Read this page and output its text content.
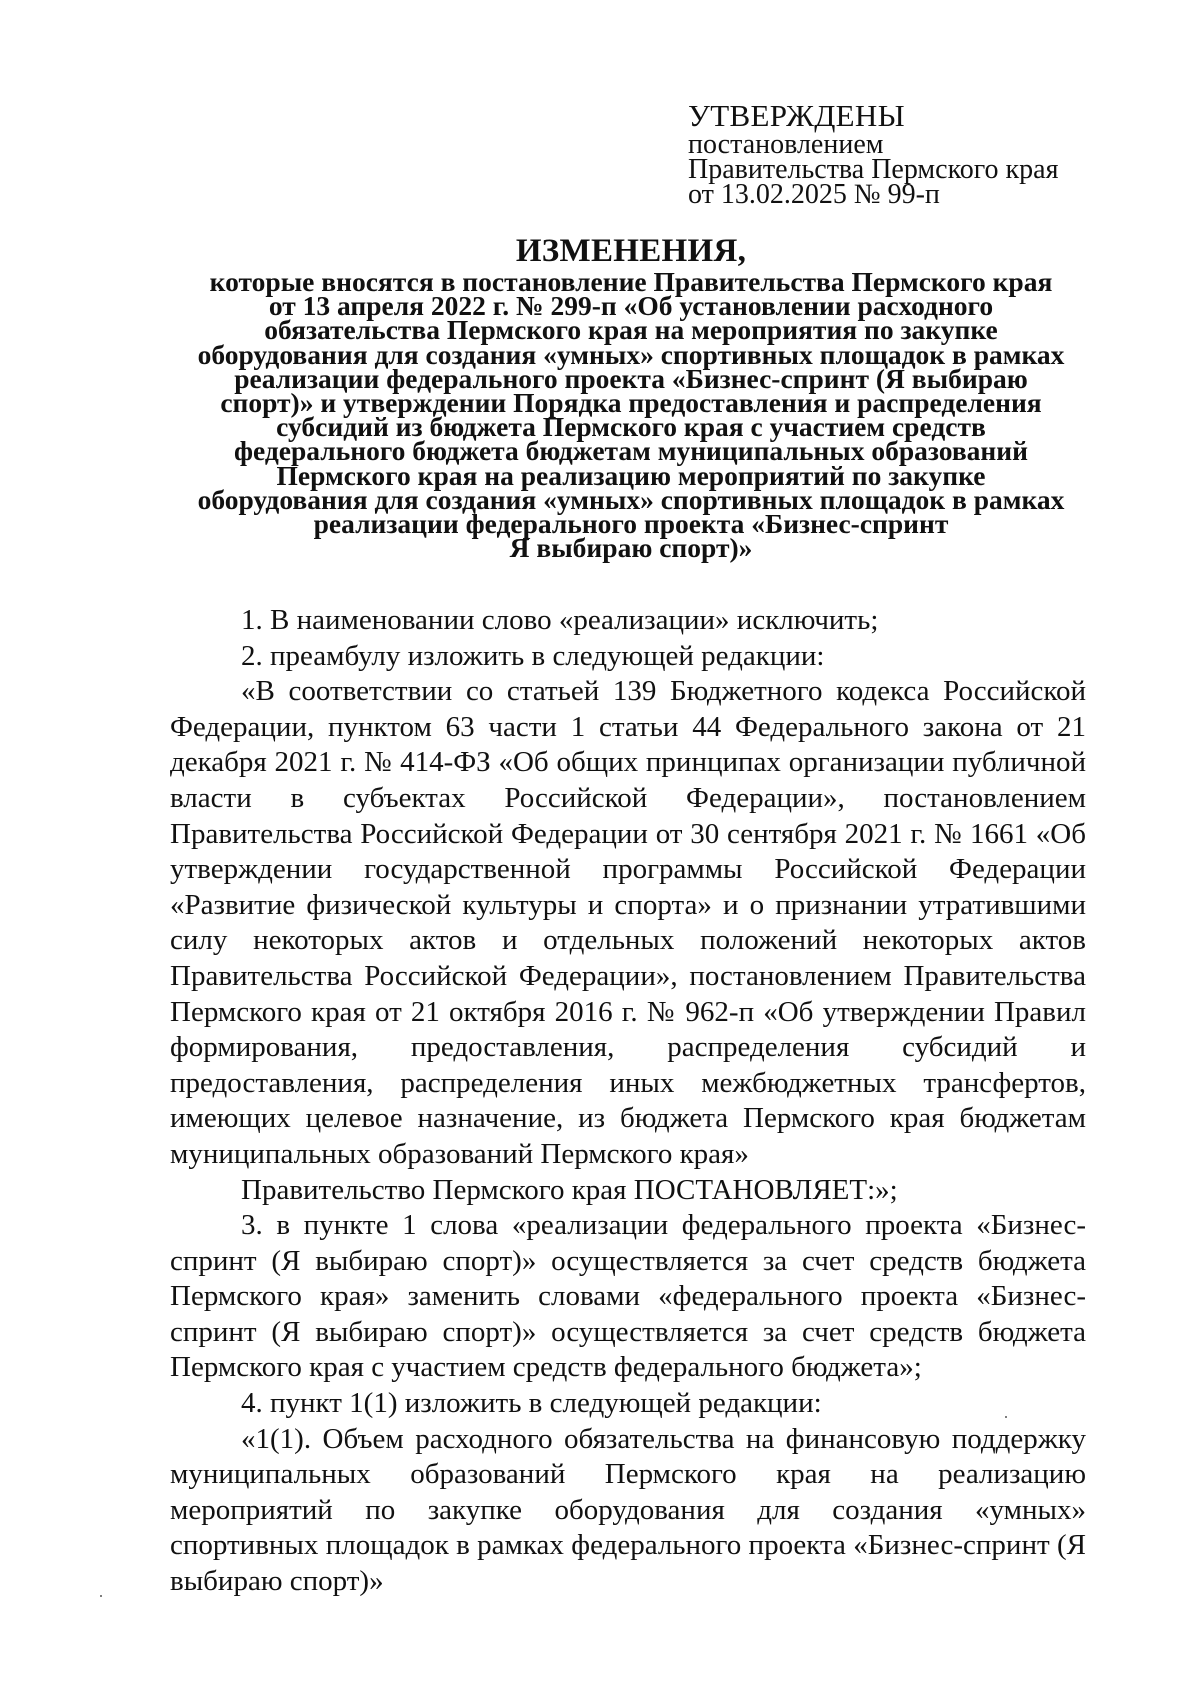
УТВЕРЖДЕНЫ
постановлением
Правительства Пермского края
от 13.02.2025 № 99-п
ИЗМЕНЕНИЯ,
которые вносятся в постановление Правительства Пермского края
от 13 апреля 2022 г. № 299-п «Об установлении расходного
обязательства Пермского края на мероприятия по закупке
оборудования для создания «умных» спортивных площадок в рамках
реализации федерального проекта «Бизнес-спринт (Я выбираю
спорт)» и утверждении Порядка предоставления и распределения
субсидий из бюджета Пермского края с участием средств
федерального бюджета бюджетам муниципальных образований
Пермского края на реализацию мероприятий по закупке
оборудования для создания «умных» спортивных площадок в рамках
реализации федерального проекта «Бизнес-спринт
Я выбираю спорт)»

1. В наименовании слово «реализации» исключить;

2. преамбулу изложить в следующей редакции:

«В соответствии со статьей 139 Бюджетного кодекса Российской Федерации, пунктом 63 части 1 статьи 44 Федерального закона от 21 декабря 2021 г. № 414-ФЗ «Об общих принципах организации публичной власти в субъектах Российской Федерации», постановлением Правительства Российской Федерации от 30 сентября 2021 г. № 1661 «Об утверждении государственной программы Российской Федерации «Развитие физической культуры и спорта» и о признании утратившими силу некоторых актов и отдельных положений некоторых актов Правительства Российской Федерации», постановлением Правительства Пермского края от 21 октября 2016 г. № 962-п «Об утверждении Правил формирования, предоставления, распределения субсидий и предоставления, распределения иных межбюджетных трансфертов, имеющих целевое назначение, из бюджета Пермского края бюджетам муниципальных образований Пермского края»

Правительство Пермского края ПОСТАНОВЛЯЕТ:»;

3. в пункте 1 слова «реализации федерального проекта «Бизнес-спринт (Я выбираю спорт)» осуществляется за счет средств бюджета Пермского края» заменить словами «федерального проекта «Бизнес-спринт (Я выбираю спорт)» осуществляется за счет средств бюджета Пермского края с участием средств федерального бюджета»;

4. пункт 1(1) изложить в следующей редакции:

«1(1). Объем расходного обязательства на финансовую поддержку муниципальных образований Пермского края на реализацию мероприятий по закупке оборудования для создания «умных» спортивных площадок в рамках федерального проекта «Бизнес-спринт (Я выбираю спорт)»
